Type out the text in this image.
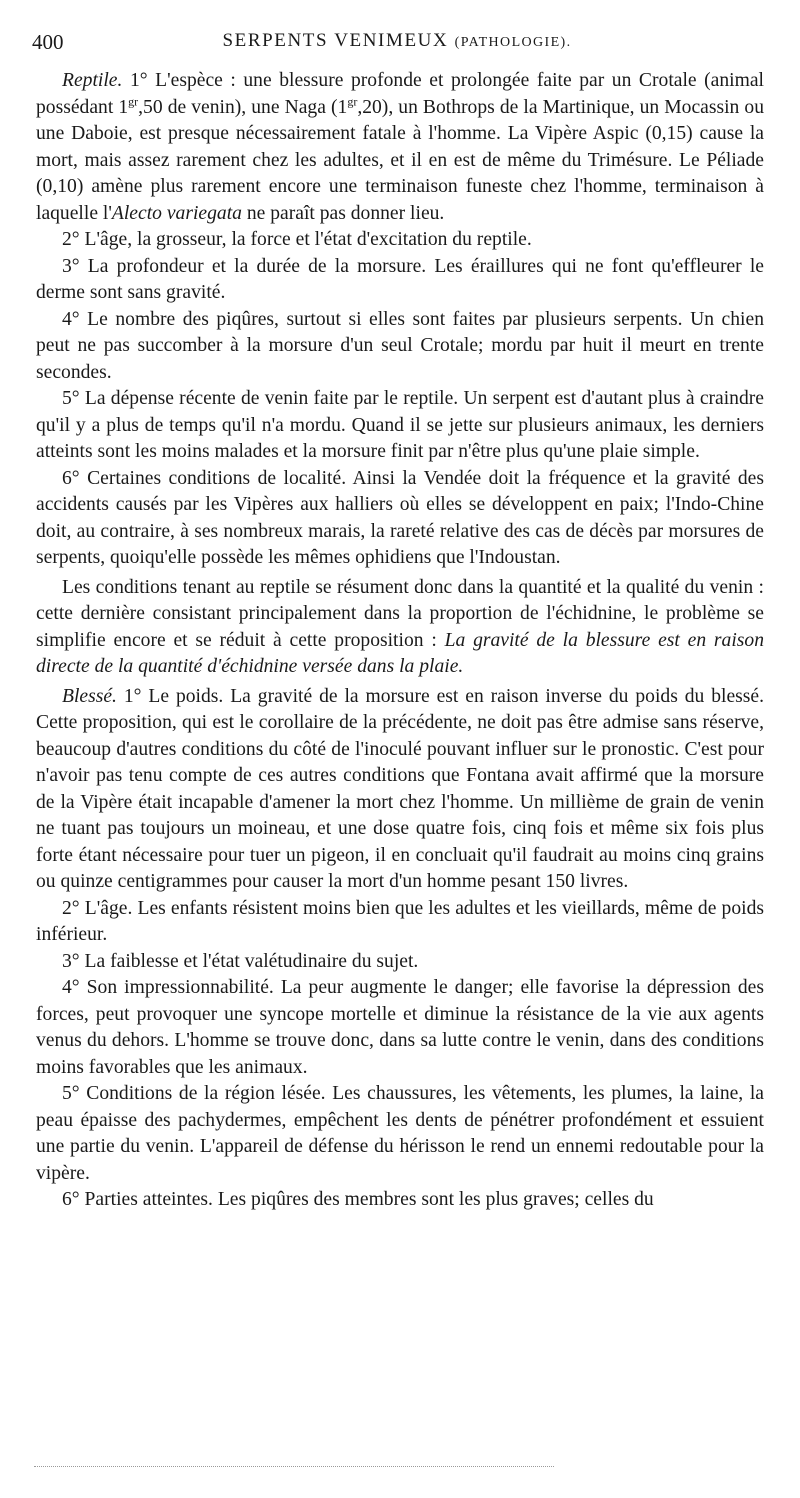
400	SERPENTS VENIMEUX (PATHOLOGIE).

Reptile. 1° L'espèce : une blessure profonde et prolongée faite par un Crotale (animal possédant $1^{gr},50$ de venin), une Naga $(1^{gr},20)$, un Bothrops de la Martinique, un Mocassin ou une Daboie, est presque nécessairement fatale à l'homme. La Vipère Aspic (0,15) cause la mort, mais assez rarement chez les adultes, et il en est de même du Trimésure. Le Péliade (0,10) amène plus rarement encore une terminaison funeste chez l'homme, terminaison à laquelle l'Alecto variegata ne paraît pas donner lieu.

2° L'âge, la grosseur, la force et l'état d'excitation du reptile.

3° La profondeur et la durée de la morsure. Les éraillures qui ne font qu'effleurer le derme sont sans gravité.

4° Le nombre des piqûres, surtout si elles sont faites par plusieurs serpents. Un chien peut ne pas succomber à la morsure d'un seul Crotale; mordu par huit il meurt en trente secondes.

5° La dépense récente de venin faite par le reptile. Un serpent est d'autant plus à craindre qu'il y a plus de temps qu'il n'a mordu. Quand il se jette sur plusieurs animaux, les derniers atteints sont les moins malades et la morsure finit par n'être plus qu'une plaie simple.

6° Certaines conditions de localité. Ainsi la Vendée doit la fréquence et la gravité des accidents causés par les Vipères aux halliers où elles se développent en paix; l'Indo-Chine doit, au contraire, à ses nombreux marais, la rareté relative des cas de décès par morsures de serpents, quoiqu'elle possède les mêmes ophidiens que l'Indoustan.

Les conditions tenant au reptile se résument donc dans la quantité et la qualité du venin : cette dernière consistant principalement dans la proportion de l'échidnine, le problème se simplifie encore et se réduit à cette proposition : La gravité de la blessure est en raison directe de la quantité d'échidnine versée dans la plaie.

Blessé. 1° Le poids. La gravité de la morsure est en raison inverse du poids du blessé. Cette proposition, qui est le corollaire de la précédente, ne doit pas être admise sans réserve, beaucoup d'autres conditions du côté de l'inoculé pouvant influer sur le pronostic. C'est pour n'avoir pas tenu compte de ces autres conditions que Fontana avait affirmé que la morsure de la Vipère était incapable d'amener la mort chez l'homme. Un millième de grain de venin ne tuant pas toujours un moineau, et une dose quatre fois, cinq fois et même six fois plus forte étant nécessaire pour tuer un pigeon, il en concluait qu'il faudrait au moins cinq grains ou quinze centigrammes pour causer la mort d'un homme pesant 150 livres.

2° L'âge. Les enfants résistent moins bien que les adultes et les vieillards, même de poids inférieur.

3° La faiblesse et l'état valétudinaire du sujet.

4° Son impressionnabilité. La peur augmente le danger; elle favorise la dépression des forces, peut provoquer une syncope mortelle et diminue la résistance de la vie aux agents venus du dehors. L'homme se trouve donc, dans sa lutte contre le venin, dans des conditions moins favorables que les animaux.

5° Conditions de la région lésée. Les chaussures, les vêtements, les plumes, la laine, la peau épaisse des pachydermes, empêchent les dents de pénétrer profondément et essuient une partie du venin. L'appareil de défense du hérisson le rend un ennemi redoutable pour la vipère.

6° Parties atteintes. Les piqûres des membres sont les plus graves; celles du
